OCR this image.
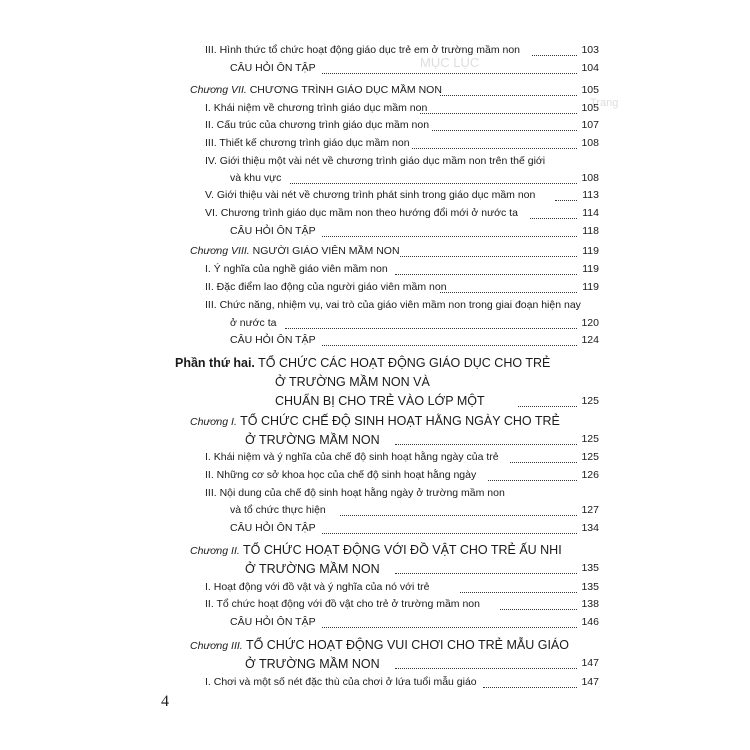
MỤC LỤC
Trang
III. Hình thức tổ chức hoạt động giáo dục trẻ em ở trường mầm non	103
CÂU HỎI ÔN TẬP	104
Chương VII. CHƯƠNG TRÌNH GIÁO DỤC MẦM NON	105
I. Khái niệm về chương trình giáo dục mầm non	105
II. Cấu trúc của chương trình giáo dục mầm non	107
III. Thiết kế chương trình giáo dục mầm non	108
IV. Giới thiệu một vài nét về chương trình giáo dục mầm non trên thế giới
và khu vực	108
V. Giới thiệu vài nét về chương trình phát sinh trong giáo dục mầm non	113
VI. Chương trình giáo dục mầm non theo hướng đổi mới ở nước ta	114
CÂU HỎI ÔN TẬP	118
Chương VIII. NGƯỜI GIÁO VIÊN MẦM NON	119
I. Ý nghĩa của nghề giáo viên mầm non	119
II. Đặc điểm lao động của người giáo viên mầm non	119
III. Chức năng, nhiệm vụ, vai trò của giáo viên mầm non trong giai đoạn hiện nay
ở nước ta	120
CÂU HỎI ÔN TẬP	124
Phần thứ hai. TỔ CHỨC CÁC HOẠT ĐỘNG GIÁO DỤC CHO TRẺ
Ở TRƯỜNG MẦM NON VÀ
CHUẨN BỊ CHO TRẺ VÀO LỚP MỘT	125
Chương I. TỔ CHỨC CHẾ ĐỘ SINH HOẠT HẰNG NGÀY CHO TRẺ
Ở TRƯỜNG MẦM NON	125
I. Khái niệm và ý nghĩa của chế độ sinh hoạt hằng ngày của trẻ	125
II. Những cơ sở khoa học của chế độ sinh hoạt hằng ngày	126
III. Nội dung của chế độ sinh hoạt hằng ngày ở trường mầm non
và tổ chức thực hiện	127
CÂU HỎI ÔN TẬP	134
Chương II. TỔ CHỨC HOẠT ĐỘNG VỚI ĐỒ VẬT CHO TRẺ ẤU NHI
Ở TRƯỜNG MẦM NON	135
I. Hoạt động với đồ vật và ý nghĩa của nó với trẻ	135
II. Tổ chức hoạt động với đồ vật cho trẻ ở trường mầm non	138
CÂU HỎI ÔN TẬP	146
Chương III. TỔ CHỨC HOẠT ĐỘNG VUI CHƠI CHO TRẺ MẪU GIÁO
Ở TRƯỜNG MẦM NON	147
I. Chơi và một số nét đặc thù của chơi ở lứa tuổi mẫu giáo	147
4
